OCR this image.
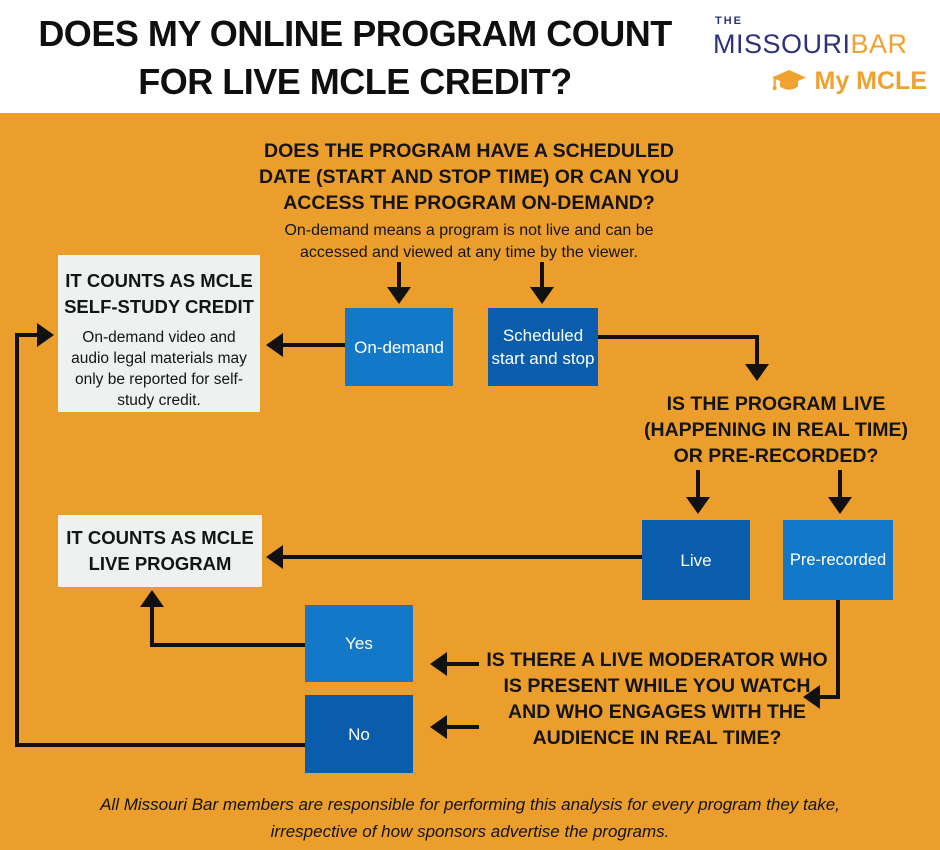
DOES MY ONLINE PROGRAM COUNT
FOR LIVE MCLE CREDIT?
THE
MISSOURIBAR
My MCLE
DOES THE PROGRAM HAVE A SCHEDULED
DATE (START AND STOP TIME) OR CAN YOU
ACCESS THE PROGRAM ON-DEMAND?
On-demand means a program is not live and can be
accessed and viewed at any time by the viewer.
On-demand
Scheduled start and stop
IT COUNTS AS MCLE
SELF-STUDY CREDIT
On-demand video and
audio legal materials may
only be reported for self-
study credit.	IS THE PROGRAM LIVE
(HAPPENING IN REAL TIME)
OR PRE-RECORDED?
Live	Pre-recorded
IT COUNTS AS MCLE
LIVE PROGRAM
IS THERE A LIVE MODERATOR WHO
IS PRESENT WHILE YOU WATCH
AND WHO ENGAGES WITH THE
AUDIENCE IN REAL TIME?
Yes
No
All Missouri Bar members are responsible for performing this analysis for every program they take,
irrespective of how sponsors advertise the programs.
